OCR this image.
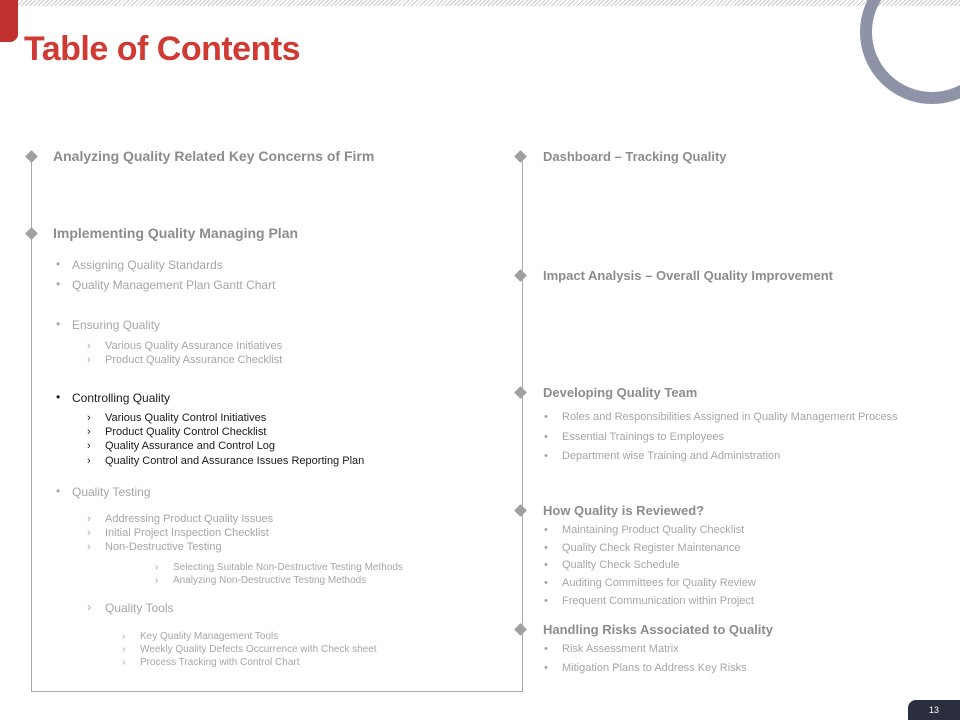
Table of Contents
Analyzing Quality Related Key Concerns of Firm
Implementing Quality Managing Plan
• Assigning Quality Standards
• Quality Management Plan Gantt Chart
• Ensuring Quality
› Various Quality Assurance Initiatives
› Product Quality Assurance Checklist
• Controlling Quality
› Various Quality Control Initiatives
› Product Quality Control Checklist
› Quality Assurance and Control Log
› Quality Control and Assurance Issues Reporting Plan
• Quality Testing
› Addressing Product Quality Issues
› Initial Project Inspection Checklist
› Non-Destructive Testing
› Selecting Suitable Non-Destructive Testing Methods
› Analyzing Non-Destructive Testing Methods
› Quality Tools
› Key Quality Management Tools
› Weekly Quality Defects Occurrence with Check sheet
› Process Tracking with Control Chart
Dashboard – Tracking Quality
Impact Analysis – Overall Quality Improvement
Developing Quality Team
• Roles and Responsibilities Assigned in Quality Management Process
• Essential Trainings to Employees
• Department wise Training and Administration
How Quality is Reviewed?
• Maintaining Product Quality Checklist
• Quality Check Register Maintenance
• Quality Check Schedule
• Auditing Committees for Quality Review
• Frequent Communication within Project
Handling Risks Associated to Quality
• Risk Assessment Matrix
• Mitigation Plans to Address Key Risks
13
